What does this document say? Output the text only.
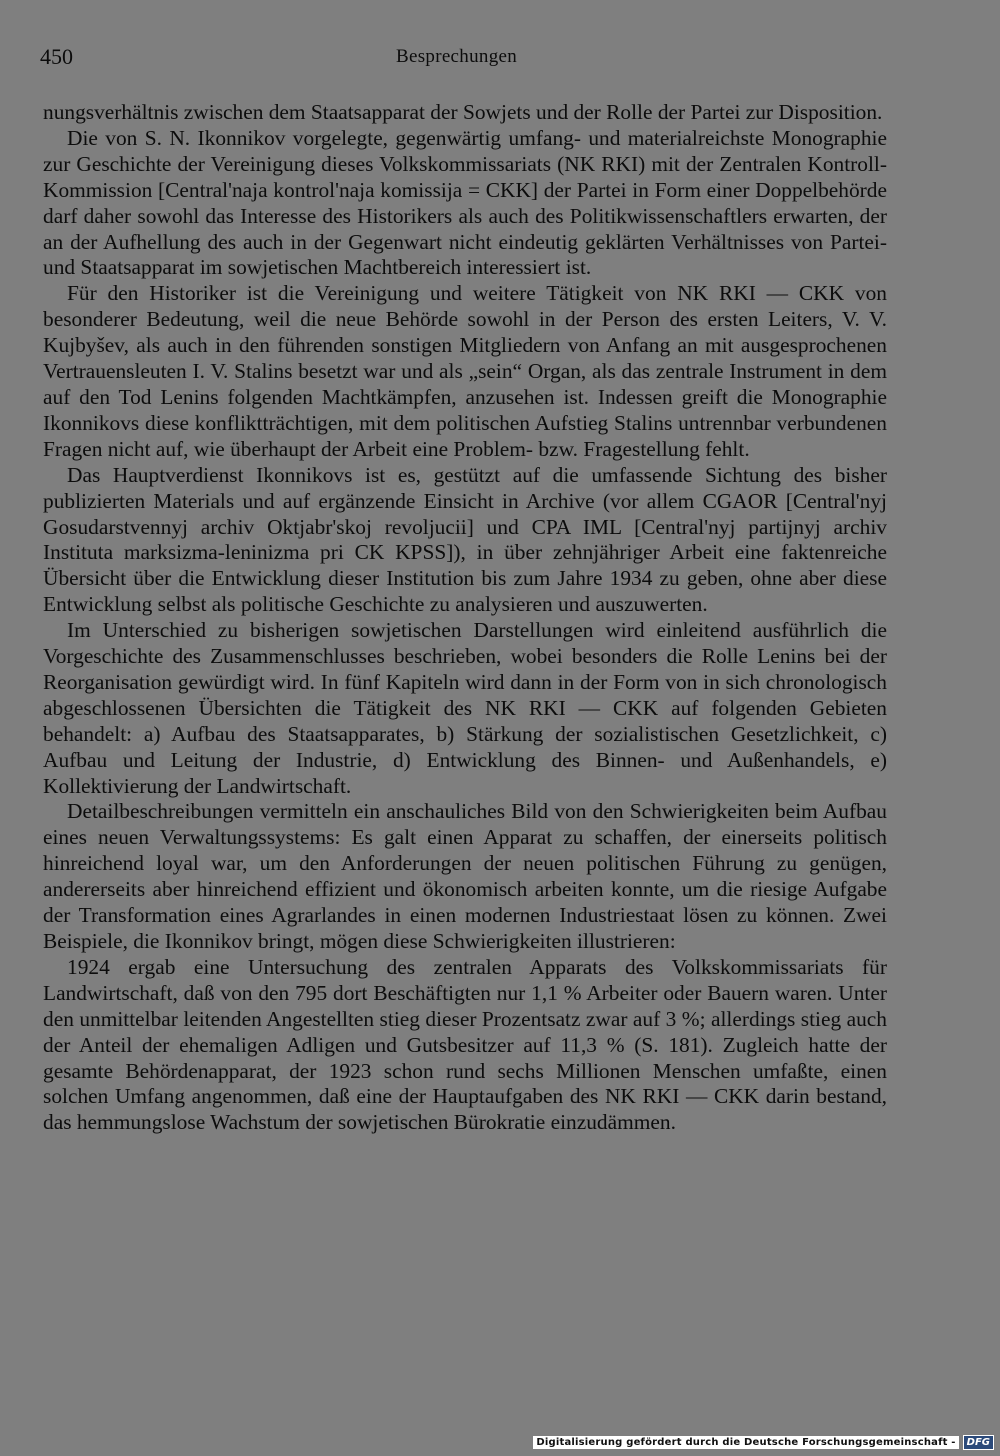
450	Besprechungen

nungsverhältnis zwischen dem Staatsapparat der Sowjets und der Rolle der Partei zur Disposition.

Die von S. N. Ikonnikov vorgelegte, gegenwärtig umfang- und materialreichste Monographie zur Geschichte der Vereinigung dieses Volkskommissariats (NK RKI) mit der Zentralen Kontroll-Kommission [Central'naja kontrol'naja komissija = CKK] der Partei in Form einer Doppelbehörde darf daher sowohl das Interesse des Historikers als auch des Politikwissenschaftlers erwarten, der an der Aufhellung des auch in der Gegenwart nicht eindeutig geklärten Verhältnisses von Partei- und Staatsapparat im sowjetischen Machtbereich interessiert ist.

Für den Historiker ist die Vereinigung und weitere Tätigkeit von NK RKI — CKK von besonderer Bedeutung, weil die neue Behörde sowohl in der Person des ersten Leiters, V. V. Kujbyšev, als auch in den führenden sonstigen Mitgliedern von Anfang an mit ausgesprochenen Vertrauensleuten I. V. Stalins besetzt war und als „sein“ Organ, als das zentrale Instrument in dem auf den Tod Lenins folgenden Machtkämpfen, anzusehen ist. Indessen greift die Monographie Ikonnikovs diese konfliktträchtigen, mit dem politischen Aufstieg Stalins untrennbar verbundenen Fragen nicht auf, wie überhaupt der Arbeit eine Problem- bzw. Fragestellung fehlt.

Das Hauptverdienst Ikonnikovs ist es, gestützt auf die umfassende Sichtung des bisher publizierten Materials und auf ergänzende Einsicht in Archive (vor allem CGAOR [Central'nyj Gosudarstvennyj archiv Oktjabr'skoj revoljucii] und CPA IML [Central'nyj partijnyj archiv Instituta marksizma-leninizma pri CK KPSS]), in über zehnjähriger Arbeit eine faktenreiche Übersicht über die Entwicklung dieser Institution bis zum Jahre 1934 zu geben, ohne aber diese Entwicklung selbst als politische Geschichte zu analysieren und auszuwerten.

Im Unterschied zu bisherigen sowjetischen Darstellungen wird einleitend ausführlich die Vorgeschichte des Zusammenschlusses beschrieben, wobei besonders die Rolle Lenins bei der Reorganisation gewürdigt wird. In fünf Kapiteln wird dann in der Form von in sich chronologisch abgeschlossenen Übersichten die Tätigkeit des NK RKI — CKK auf folgenden Gebieten behandelt: a) Aufbau des Staatsapparates, b) Stärkung der sozialistischen Gesetzlichkeit, c) Aufbau und Leitung der Industrie, d) Entwicklung des Binnen- und Außenhandels, e) Kollektivierung der Landwirtschaft.

Detailbeschreibungen vermitteln ein anschauliches Bild von den Schwierigkeiten beim Aufbau eines neuen Verwaltungssystems: Es galt einen Apparat zu schaffen, der einerseits politisch hinreichend loyal war, um den Anforderungen der neuen politischen Führung zu genügen, andererseits aber hinreichend effizient und ökonomisch arbeiten konnte, um die riesige Aufgabe der Transformation eines Agrarlandes in einen modernen Industriestaat lösen zu können. Zwei Beispiele, die Ikonnikov bringt, mögen diese Schwierigkeiten illustrieren:

1924 ergab eine Untersuchung des zentralen Apparats des Volkskommissariats für Landwirtschaft, daß von den 795 dort Beschäftigten nur 1,1 % Arbeiter oder Bauern waren. Unter den unmittelbar leitenden Angestellten stieg dieser Prozentsatz zwar auf 3 %; allerdings stieg auch der Anteil der ehemaligen Adligen und Gutsbesitzer auf 11,3 % (S. 181). Zugleich hatte der gesamte Behördenapparat, der 1923 schon rund sechs Millionen Menschen umfaßte, einen solchen Umfang angenommen, daß eine der Hauptaufgaben des NK RKI — CKK darin bestand, das hemmungslose Wachstum der sowjetischen Bürokratie einzudämmen.

Digitalisierung gefördert durch die Deutsche Forschungsgemeinschaft -	DFG
